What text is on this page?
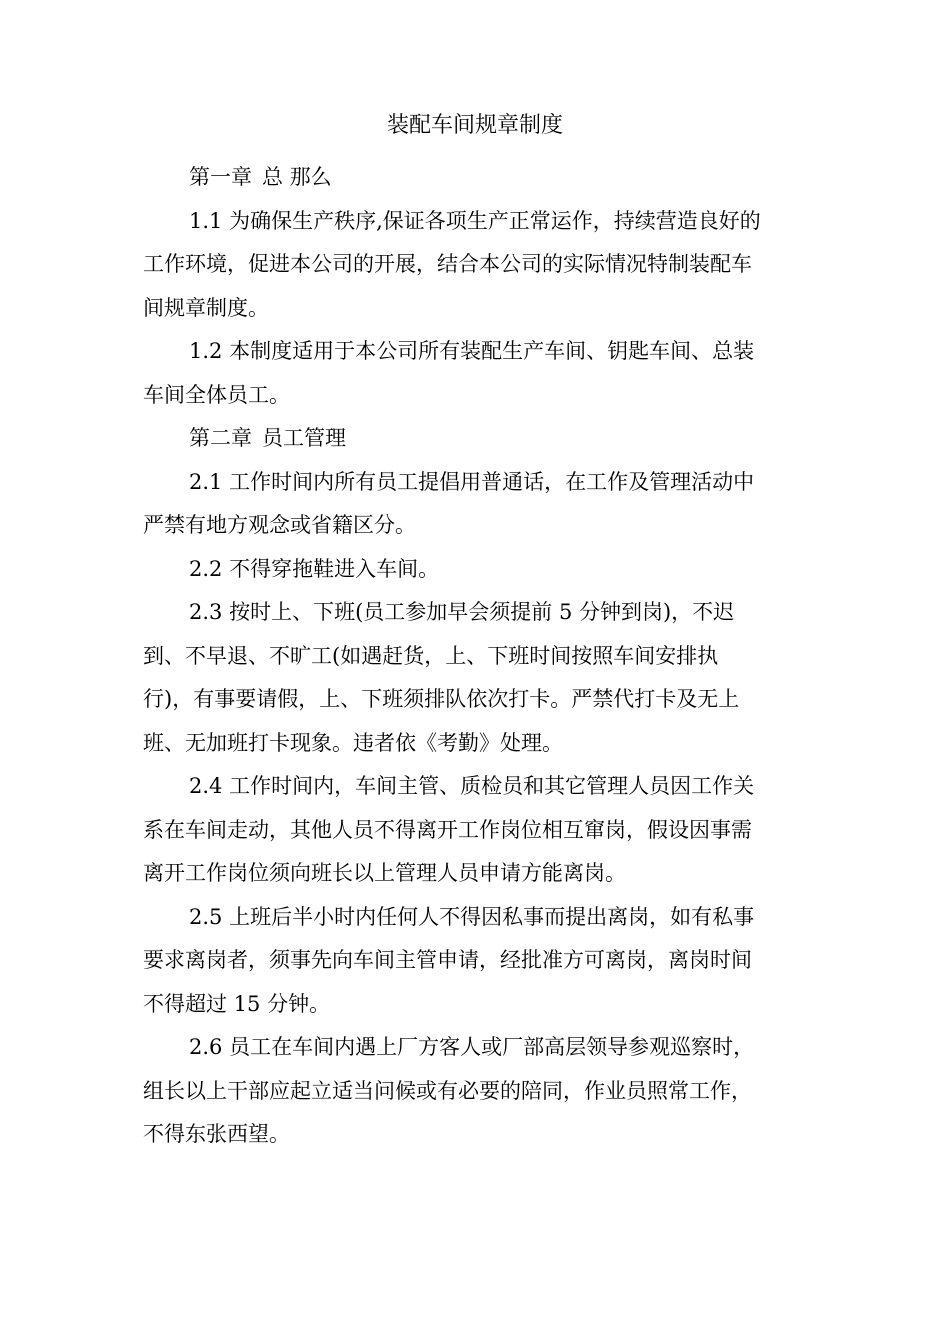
装配车间规章制度

第一章 总 那么

1.1 为确保生产秩序,保证各项生产正常运作，持续营造良好的
工作环境，促进本公司的开展，结合本公司的实际情况特制装配车
间规章制度。

1.2 本制度适用于本公司所有装配生产车间、钥匙车间、总装
车间全体员工。

第二章 员工管理

2.1 工作时间内所有员工提倡用普通话，在工作及管理活动中
严禁有地方观念或省籍区分。

2.2 不得穿拖鞋进入车间。

2.3 按时上、下班(员工参加早会须提前 5 分钟到岗)，不迟
到、不早退、不旷工(如遇赶货，上、下班时间按照车间安排执
行)，有事要请假，上、下班须排队依次打卡。严禁代打卡及无上
班、无加班打卡现象。违者依《考勤》处理。

2.4 工作时间内，车间主管、质检员和其它管理人员因工作关
系在车间走动，其他人员不得离开工作岗位相互窜岗，假设因事需
离开工作岗位须向班长以上管理人员申请方能离岗。

2.5 上班后半小时内任何人不得因私事而提出离岗，如有私事
要求离岗者，须事先向车间主管申请，经批准方可离岗，离岗时间
不得超过 15 分钟。

2.6 员工在车间内遇上厂方客人或厂部高层领导参观巡察时，
组长以上干部应起立适当问候或有必要的陪同，作业员照常工作，
不得东张西望。
